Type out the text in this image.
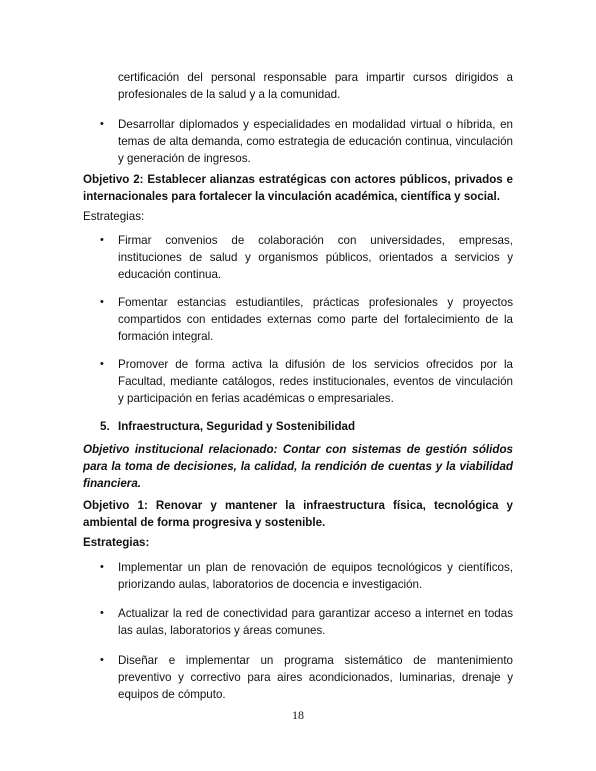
certificación del personal responsable para impartir cursos dirigidos a profesionales de la salud y a la comunidad.

• Desarrollar diplomados y especialidades en modalidad virtual o híbrida, en temas de alta demanda, como estrategia de educación continua, vinculación y generación de ingresos.

Objetivo 2: Establecer alianzas estratégicas con actores públicos, privados e internacionales para fortalecer la vinculación académica, científica y social.

Estrategias:

• Firmar convenios de colaboración con universidades, empresas, instituciones de salud y organismos públicos, orientados a servicios y educación continua.

• Fomentar estancias estudiantiles, prácticas profesionales y proyectos compartidos con entidades externas como parte del fortalecimiento de la formación integral.

• Promover de forma activa la difusión de los servicios ofrecidos por la Facultad, mediante catálogos, redes institucionales, eventos de vinculación y participación en ferias académicas o empresariales.

5. Infraestructura, Seguridad y Sostenibilidad

Objetivo institucional relacionado: Contar con sistemas de gestión sólidos para la toma de decisiones, la calidad, la rendición de cuentas y la viabilidad financiera.

Objetivo 1: Renovar y mantener la infraestructura física, tecnológica y ambiental de forma progresiva y sostenible.

Estrategias:

• Implementar un plan de renovación de equipos tecnológicos y científicos, priorizando aulas, laboratorios de docencia e investigación.

• Actualizar la red de conectividad para garantizar acceso a internet en todas las aulas, laboratorios y áreas comunes.

• Diseñar e implementar un programa sistemático de mantenimiento preventivo y correctivo para aires acondicionados, luminarias, drenaje y equipos de cómputo.

18
